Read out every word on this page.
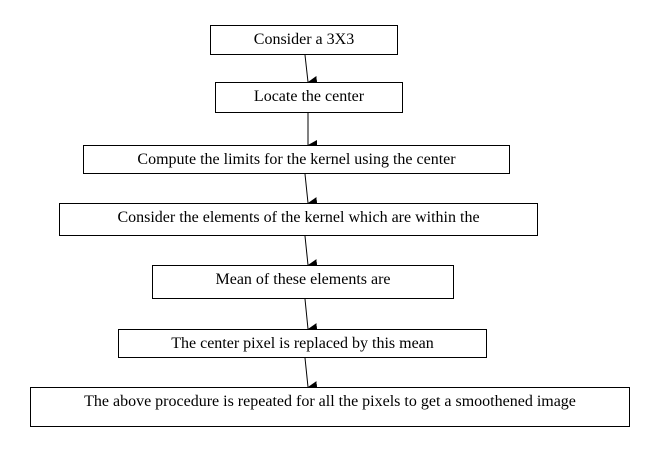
Consider a 3X3
Locate the center
Compute the limits for the kernel using the center
Consider the elements of the kernel which are within the
Mean of these elements are
The center pixel is replaced by this mean
The above procedure is repeated for all the pixels to get a smoothened image
